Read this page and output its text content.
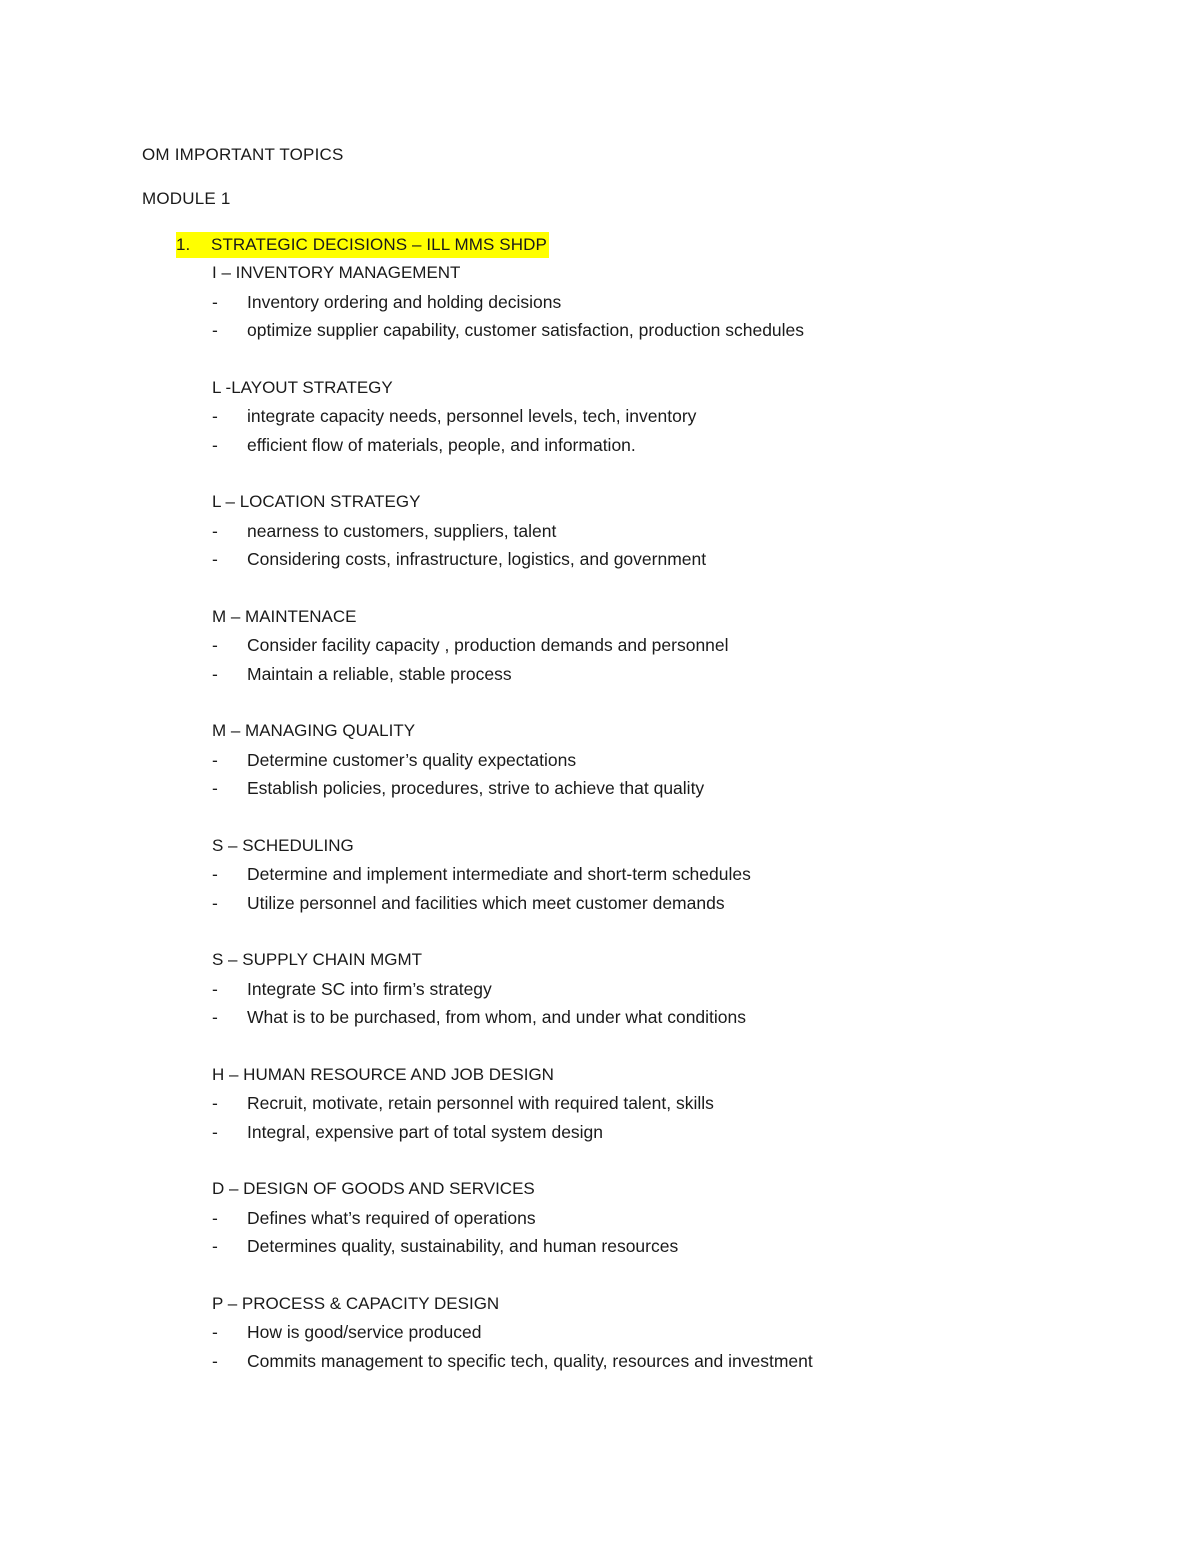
OM IMPORTANT TOPICS
MODULE 1
1. STRATEGIC DECISIONS – ILL MMS SHDP
I – INVENTORY MANAGEMENT
-	Inventory ordering and holding decisions
-	optimize supplier capability, customer satisfaction, production schedules
L -LAYOUT STRATEGY
-	integrate capacity needs, personnel levels, tech, inventory
-	efficient flow of materials, people, and information.
L – LOCATION STRATEGY
-	nearness to customers, suppliers, talent
-	Considering costs, infrastructure, logistics, and government
M – MAINTENACE
-	Consider facility capacity , production demands and personnel
-	Maintain a reliable, stable process
M – MANAGING QUALITY
-	Determine customer’s quality expectations
-	Establish policies, procedures, strive to achieve that quality
S – SCHEDULING
-	Determine and implement intermediate and short-term schedules
-	Utilize personnel and facilities which meet customer demands
S – SUPPLY CHAIN MGMT
-	Integrate SC into firm’s strategy
-	What is to be purchased, from whom, and under what conditions
H – HUMAN RESOURCE AND JOB DESIGN
-	Recruit, motivate, retain personnel with required talent, skills
-	Integral, expensive part of total system design
D – DESIGN OF GOODS AND SERVICES
-	Defines what’s required of operations
-	Determines quality, sustainability, and human resources
P – PROCESS & CAPACITY DESIGN
-	How is good/service produced
-	Commits management to specific tech, quality, resources and investment
